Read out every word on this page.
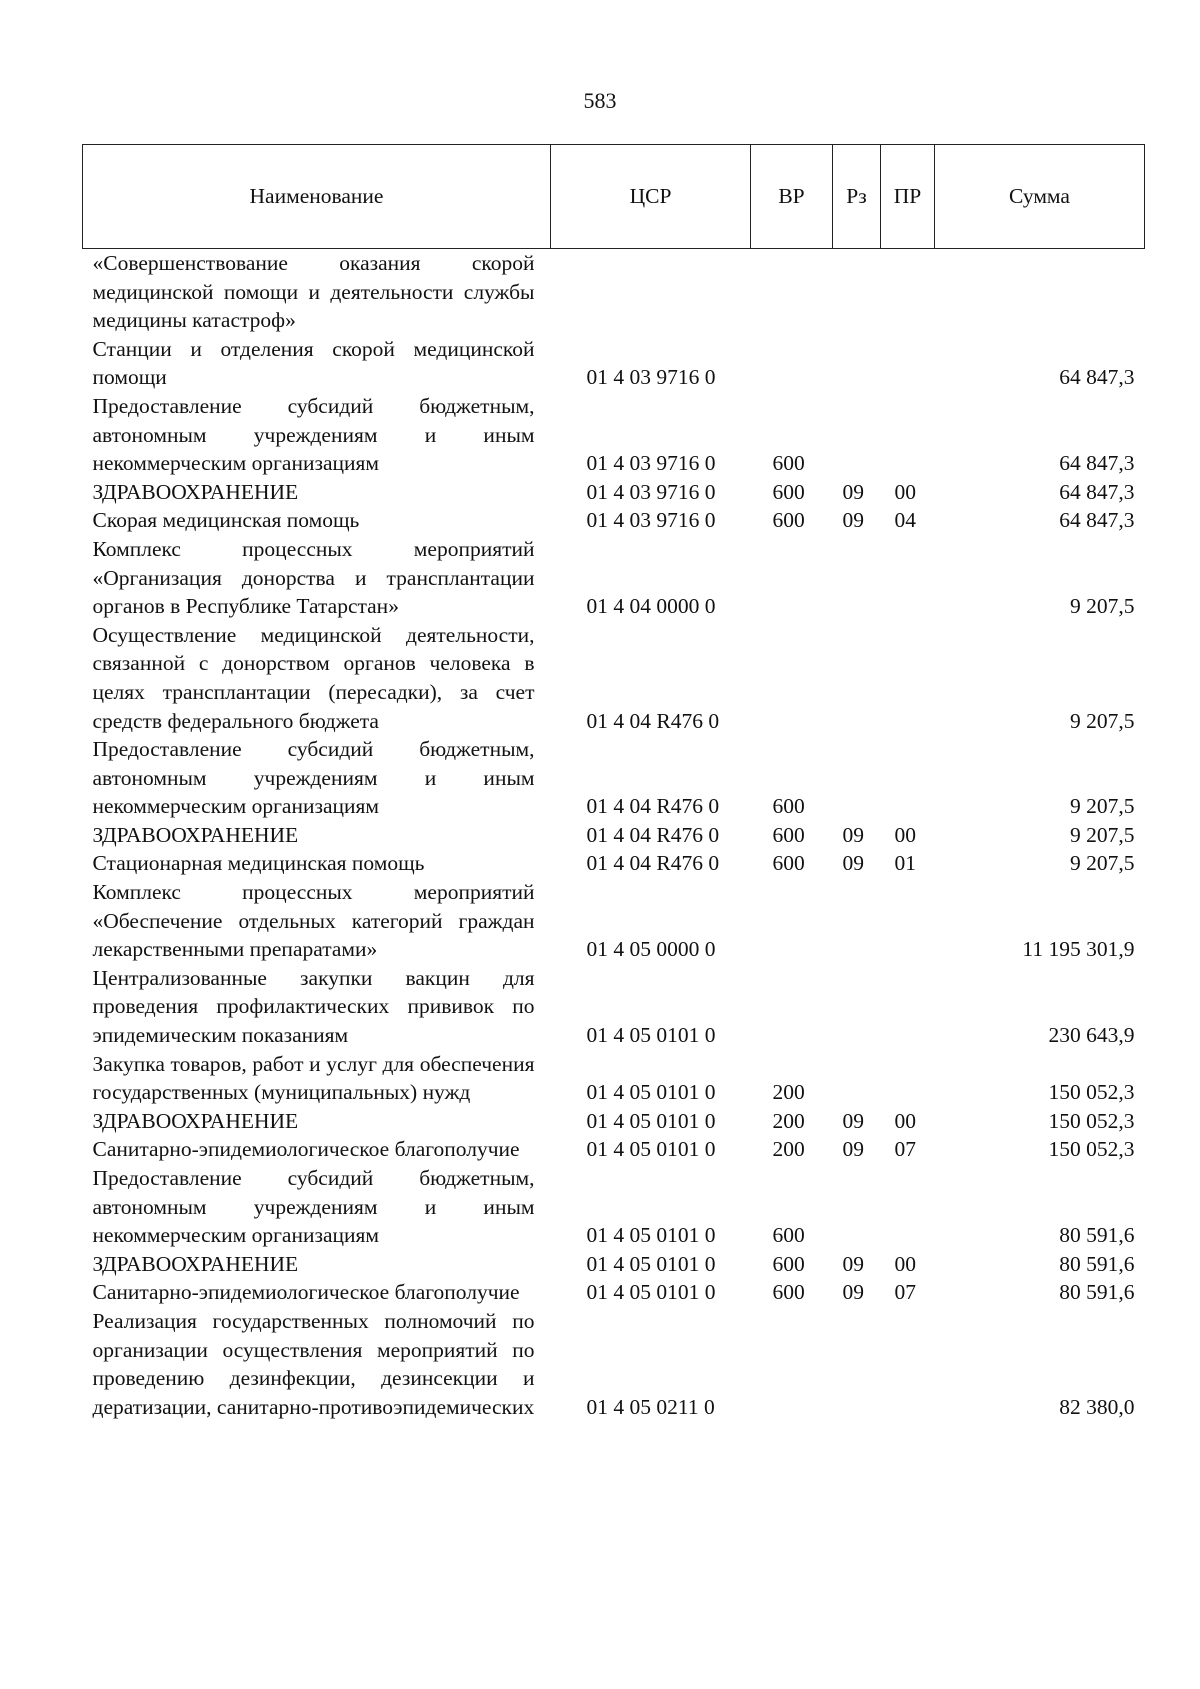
583
Наименование	ЦСР	ВР	Рз	ПР	Сумма
«Совершенствование оказания скорой медицинской помощи и деятельности службы медицины катастроф»					
Станции и отделения скорой медицинской помощи	01 4 03 9716 0				64 847,3
Предоставление субсидий бюджетным, автономным учреждениям и иным некоммерческим организациям	01 4 03 9716 0	600			64 847,3
ЗДРАВООХРАНЕНИЕ	01 4 03 9716 0	600	09	00	64 847,3
Скорая медицинская помощь	01 4 03 9716 0	600	09	04	64 847,3
Комплекс процессных мероприятий «Организация донорства и трансплантации органов в Республике Татарстан»	01 4 04 0000 0				9 207,5
Осуществление медицинской деятельности, связанной с донорством органов человека в целях трансплантации (пересадки), за счет средств федерального бюджета	01 4 04 R476 0				9 207,5
Предоставление субсидий бюджетным, автономным учреждениям и иным некоммерческим организациям	01 4 04 R476 0	600			9 207,5
ЗДРАВООХРАНЕНИЕ	01 4 04 R476 0	600	09	00	9 207,5
Стационарная медицинская помощь	01 4 04 R476 0	600	09	01	9 207,5
Комплекс процессных мероприятий «Обеспечение отдельных категорий граждан лекарственными препаратами»	01 4 05 0000 0				11 195 301,9
Централизованные закупки вакцин для проведения профилактических прививок по эпидемическим показаниям	01 4 05 0101 0				230 643,9
Закупка товаров, работ и услуг для обеспечения государственных (муниципальных) нужд	01 4 05 0101 0	200			150 052,3
ЗДРАВООХРАНЕНИЕ	01 4 05 0101 0	200	09	00	150 052,3
Санитарно-эпидемиологическое благополучие	01 4 05 0101 0	200	09	07	150 052,3
Предоставление субсидий бюджетным, автономным учреждениям и иным некоммерческим организациям	01 4 05 0101 0	600			80 591,6
ЗДРАВООХРАНЕНИЕ	01 4 05 0101 0	600	09	00	80 591,6
Санитарно-эпидемиологическое благополучие	01 4 05 0101 0	600	09	07	80 591,6
Реализация государственных полномочий по организации осуществления мероприятий по проведению дезинфекции, дезинсекции и дератизации, санитарно-противоэпидемических	01 4 05 0211 0				82 380,0
